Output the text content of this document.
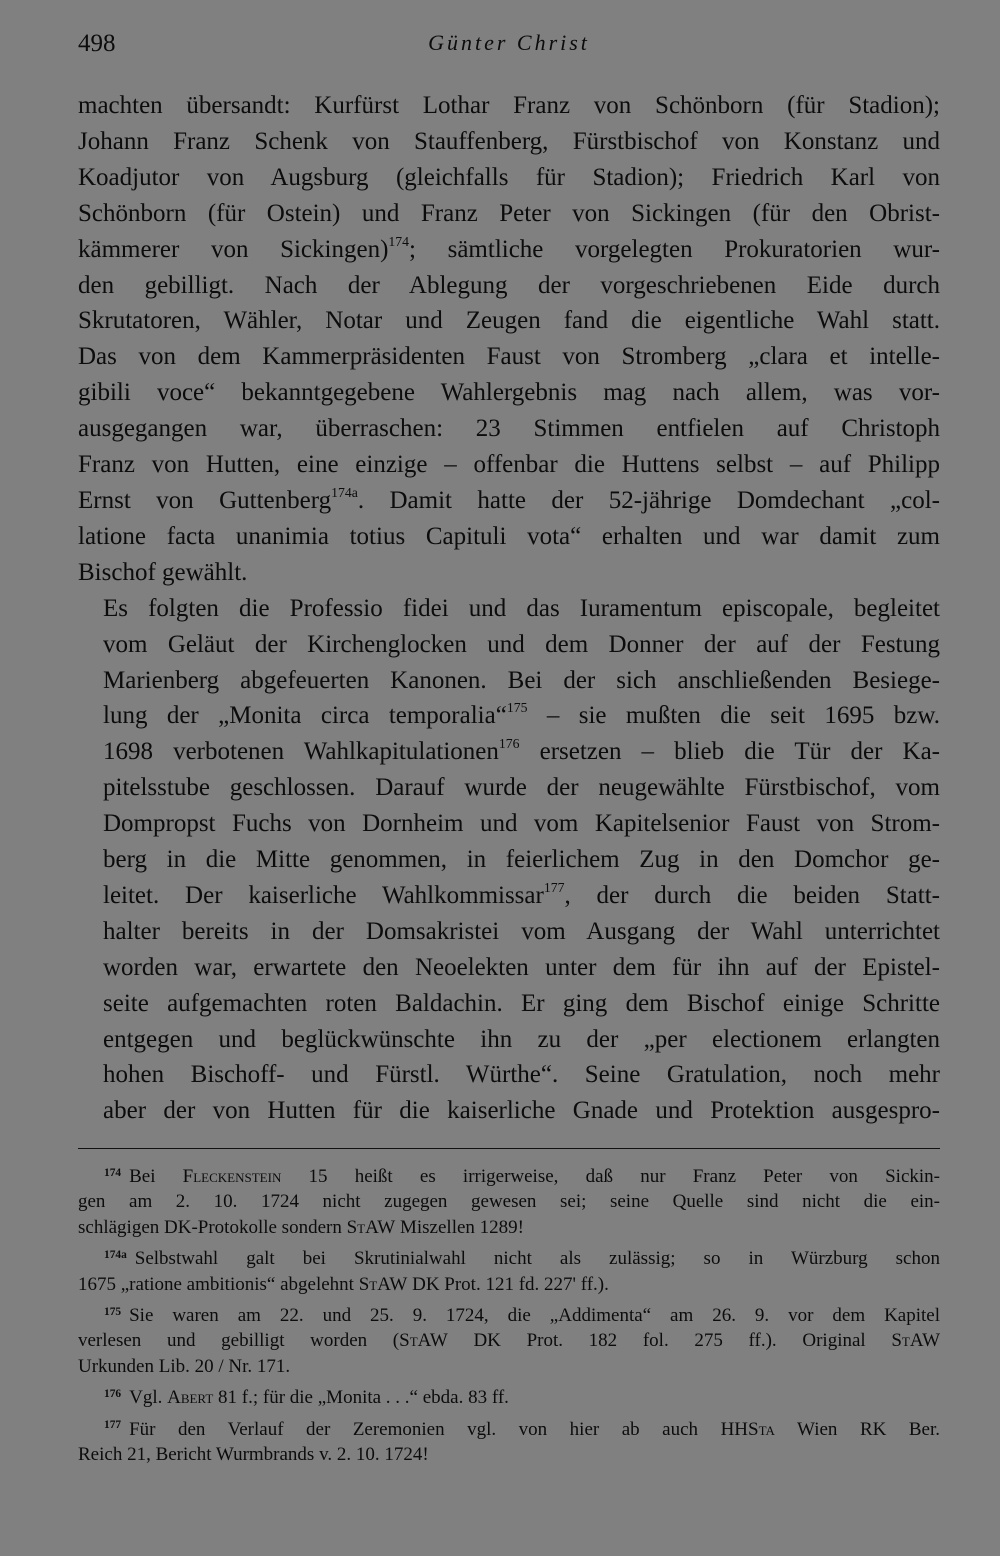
498	Günter Christ

machten übersandt: Kurfürst Lothar Franz von Schönborn (für Stadion);
Johann Franz Schenk von Stauffenberg, Fürstbischof von Konstanz und
Koadjutor von Augsburg (gleichfalls für Stadion); Friedrich Karl von
Schönborn (für Ostein) und Franz Peter von Sickingen (für den Obrist-
kämmerer von Sickingen)$^{174}$; sämtliche vorgelegten Prokuratorien wur-
den gebilligt. Nach der Ablegung der vorgeschriebenen Eide durch
Skrutatoren, Wähler, Notar und Zeugen fand die eigentliche Wahl statt.
Das von dem Kammerpräsidenten Faust von Stromberg „clara et intelle-
gibili voce“ bekanntgegebene Wahlergebnis mag nach allem, was vor-
ausgegangen war, überraschen: 23 Stimmen entfielen auf Christoph
Franz von Hutten, eine einzige – offenbar die Huttens selbst – auf Philipp
Ernst von Guttenberg$^{174a}$. Damit hatte der 52-jährige Domdechant „col-
latione facta unanimia totius Capituli vota“ erhalten und war damit zum
Bischof gewählt.

Es folgten die Professio fidei und das Iuramentum episcopale, begleitet
vom Geläut der Kirchenglocken und dem Donner der auf der Festung
Marienberg abgefeuerten Kanonen. Bei der sich anschließenden Besiege-
lung der „Monita circa temporalia“$^{175}$ – sie mußten die seit 1695 bzw.
1698 verbotenen Wahlkapitulationen$^{176}$ ersetzen – blieb die Tür der Ka-
pitelsstube geschlossen. Darauf wurde der neugewählte Fürstbischof, vom
Dompropst Fuchs von Dornheim und vom Kapitelsenior Faust von Strom-
berg in die Mitte genommen, in feierlichem Zug in den Domchor ge-
leitet. Der kaiserliche Wahlkommissar$^{177}$, der durch die beiden Statt-
halter bereits in der Domsakristei vom Ausgang der Wahl unterrichtet
worden war, erwartete den Neoelekten unter dem für ihn auf der Epistel-
seite aufgemachten roten Baldachin. Er ging dem Bischof einige Schritte
entgegen und beglückwünschte ihn zu der „per electionem erlangten
hohen Bischoff- und Fürstl. Würthe“. Seine Gratulation, noch mehr
aber der von Hutten für die kaiserliche Gnade und Protektion ausgespro-

$^{174}$ Bei Fleckenstein 15 heißt es irrigerweise, daß nur Franz Peter von Sickin-
gen am 2. 10. 1724 nicht zugegen gewesen sei; seine Quelle sind nicht die ein-
schlägigen DK-Protokolle sondern StAW Miszellen 1289!
$^{174a}$ Selbstwahl galt bei Skrutinialwahl nicht als zulässig; so in Würzburg schon
1675 „ratione ambitionis“ abgelehnt StAW DK Prot. 121 fd. 227' ff.).
$^{175}$ Sie waren am 22. und 25. 9. 1724, die „Addimenta“ am 26. 9. vor dem Kapitel
verlesen und gebilligt worden (StAW DK Prot. 182 fol. 275 ff.). Original StAW
Urkunden Lib. 20 / Nr. 171.
$^{176}$ Vgl. Abert 81 f.; für die „Monita . . .“ ebda. 83 ff.
$^{177}$ Für den Verlauf der Zeremonien vgl. von hier ab auch HHSta Wien RK Ber.
Reich 21, Bericht Wurmbrands v. 2. 10. 1724!
